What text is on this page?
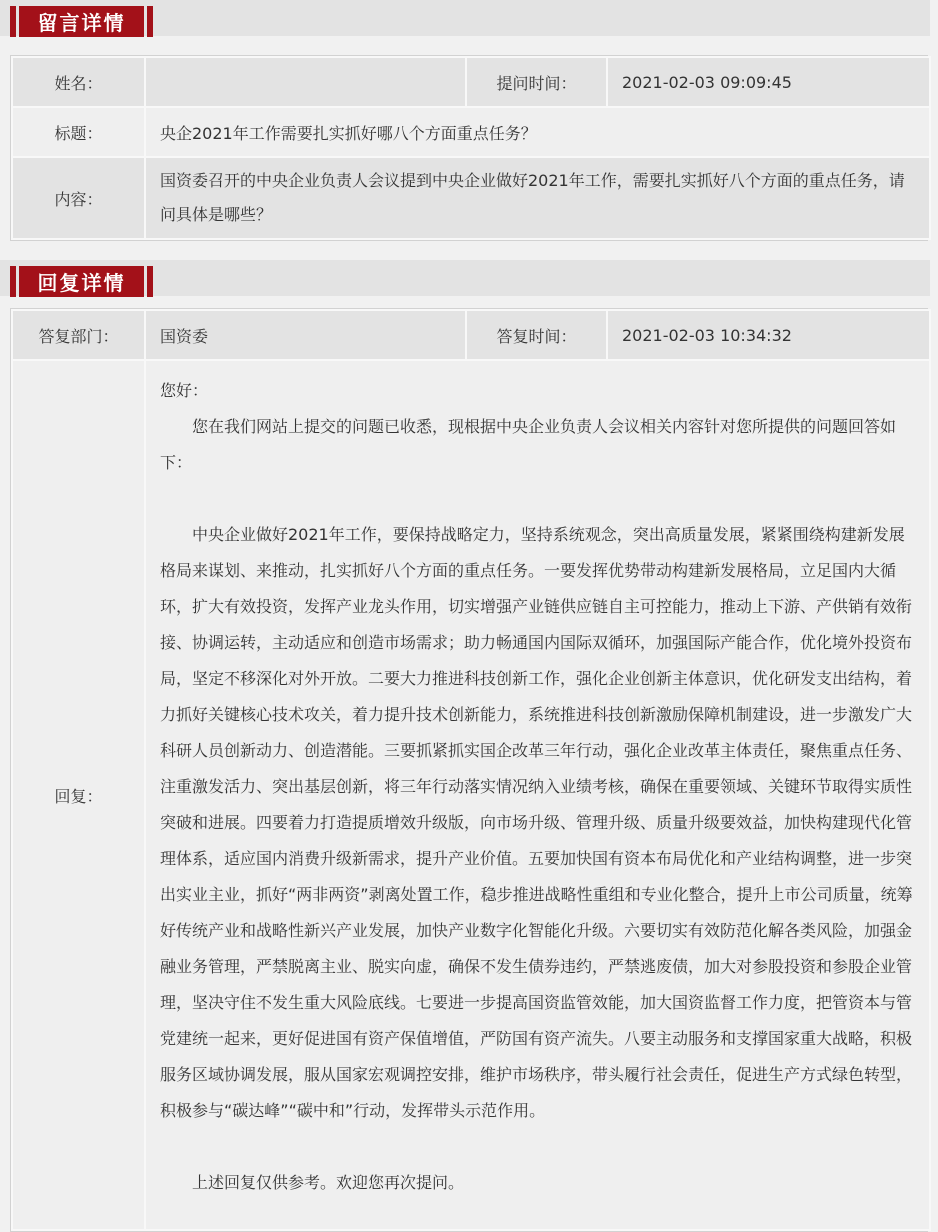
留言详情
姓名：		提问时间：	2021-02-03 09:09:45
标题：	央企2021年工作需要扎实抓好哪八个方面重点任务？		
内容：	国资委召开的中央企业负责人会议提到中央企业做好2021年工作，需要扎实抓好八个方面的重点任务，请问具体是哪些？		
回复详情
答复部门：	国资委	答复时间：	2021-02-03 10:34:32
回复：	您好：

您在我们网站上提交的问题已收悉，现根据中央企业负责人会议相关内容针对您所提供的问题回答如下：

中央企业做好2021年工作，要保持战略定力，坚持系统观念，突出高质量发展，紧紧围绕构建新发展格局来谋划、来推动，扎实抓好八个方面的重点任务。一要发挥优势带动构建新发展格局，立足国内大循环，扩大有效投资，发挥产业龙头作用，切实增强产业链供应链自主可控能力，推动上下游、产供销有效衔接、协调运转，主动适应和创造市场需求；助力畅通国内国际双循环，加强国际产能合作，优化境外投资布局，坚定不移深化对外开放。二要大力推进科技创新工作，强化企业创新主体意识，优化研发支出结构，着力抓好关键核心技术攻关，着力提升技术创新能力，系统推进科技创新激励保障机制建设，进一步激发广大科研人员创新动力、创造潜能。三要抓紧抓实国企改革三年行动，强化企业改革主体责任，聚焦重点任务、注重激发活力、突出基层创新，将三年行动落实情况纳入业绩考核，确保在重要领域、关键环节取得实质性突破和进展。四要着力打造提质增效升级版，向市场升级、管理升级、质量升级要效益，加快构建现代化管理体系，适应国内消费升级新需求，提升产业价值。五要加快国有资本布局优化和产业结构调整，进一步突出实业主业，抓好“两非两资”剥离处置工作，稳步推进战略性重组和专业化整合，提升上市公司质量，统筹好传统产业和战略性新兴产业发展，加快产业数字化智能化升级。六要切实有效防范化解各类风险，加强金融业务管理，严禁脱离主业、脱实向虚，确保不发生债券违约，严禁逃废债，加大对参股投资和参股企业管理，坚决守住不发生重大风险底线。七要进一步提高国资监管效能，加大国资监督工作力度，把管资本与管党建统一起来，更好促进国有资产保值增值，严防国有资产流失。八要主动服务和支撑国家重大战略，积极服务区域协调发展，服从国家宏观调控安排，维护市场秩序，带头履行社会责任，促进生产方式绿色转型，积极参与“碳达峰”“碳中和”行动，发挥带头示范作用。

上述回复仅供参考。欢迎您再次提问。		
